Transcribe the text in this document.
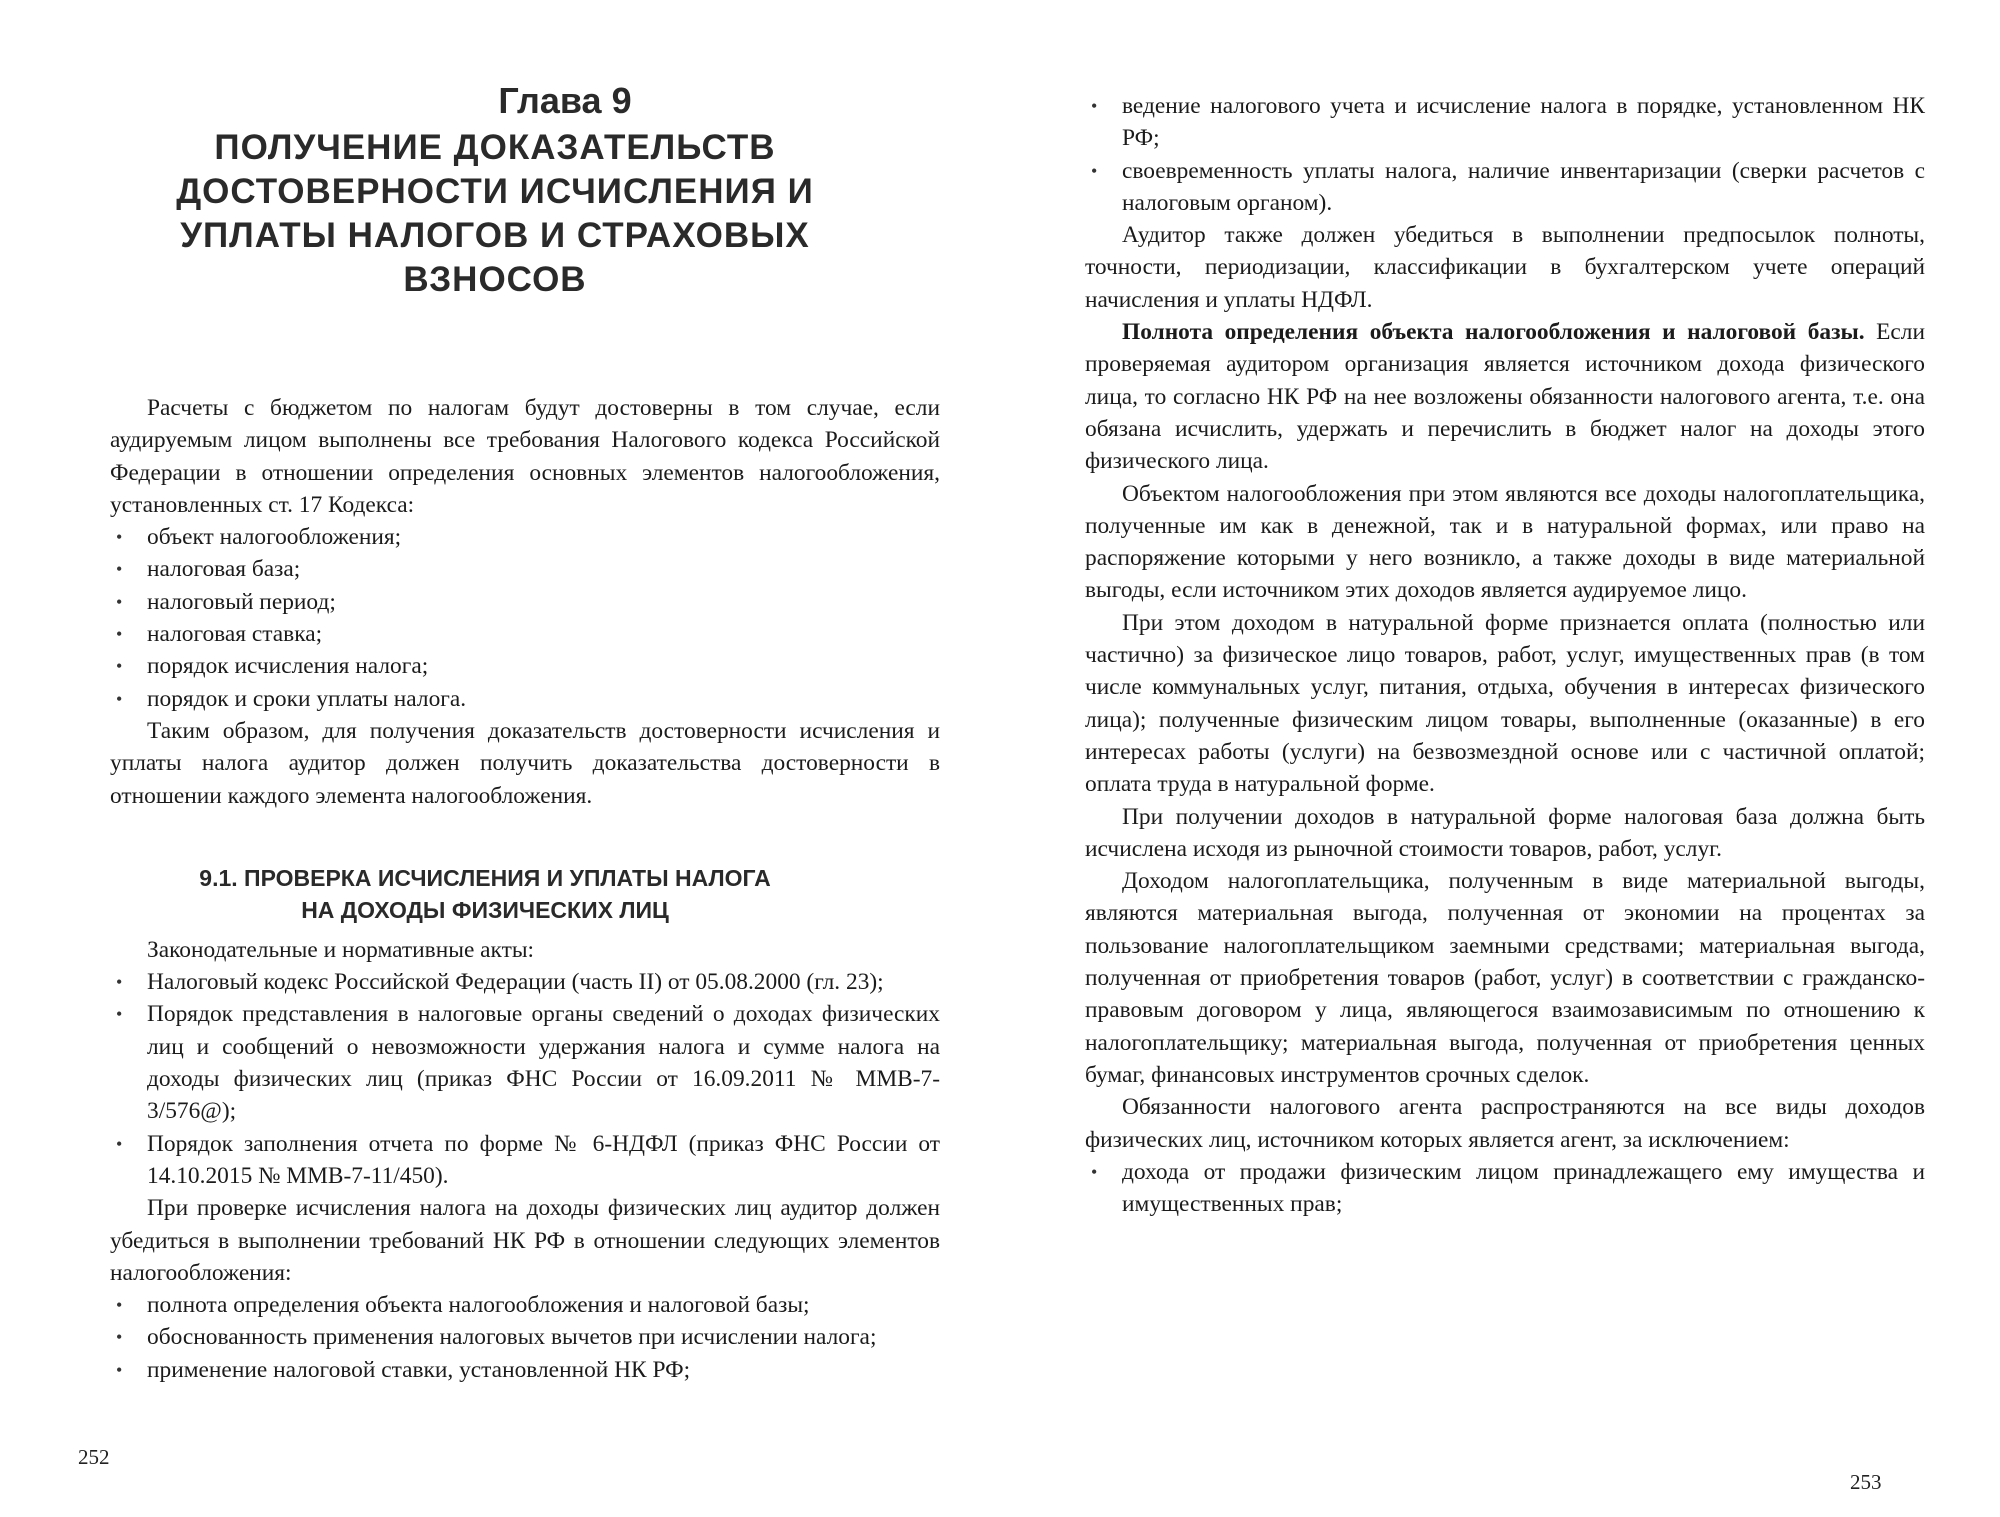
Глава 9
ПОЛУЧЕНИЕ ДОКАЗАТЕЛЬСТВ ДОСТОВЕРНОСТИ ИСЧИСЛЕНИЯ И УПЛАТЫ НАЛОГОВ И СТРАХОВЫХ ВЗНОСОВ

Расчеты с бюджетом по налогам будут достоверны в том случае, если аудируемым лицом выполнены все требования Налогового кодекса Российской Федерации в отношении определения основных элементов налогообложения, установленных ст. 17 Кодекса:

• объект налогообложения;
• налоговая база;
• налоговый период;
• налоговая ставка;
• порядок исчисления налога;
• порядок и сроки уплаты налога.

Таким образом, для получения доказательств достоверности исчисления и уплаты налога аудитор должен получить доказательства достоверности в отношении каждого элемента налогообложения.

9.1. ПРОВЕРКА ИСЧИСЛЕНИЯ И УПЛАТЫ НАЛОГА
НА ДОХОДЫ ФИЗИЧЕСКИХ ЛИЦ

Законодательные и нормативные акты:

• Налоговый кодекс Российской Федерации (часть II) от 05.08.2000 (гл. 23);
• Порядок представления в налоговые органы сведений о доходах физических лиц и сообщений о невозможности удержания налога и сумме налога на доходы физических лиц (приказ ФНС России от 16.09.2011 № ММВ-7-3/576@);
• Порядок заполнения отчета по форме № 6-НДФЛ (приказ ФНС России от 14.10.2015 № ММВ-7-11/450).

При проверке исчисления налога на доходы физических лиц аудитор должен убедиться в выполнении требований НК РФ в отношении следующих элементов налогообложения:

• полнота определения объекта налогообложения и налоговой базы;
• обоснованность применения налоговых вычетов при исчислении налога;
• применение налоговой ставки, установленной НК РФ;
252
• ведение налогового учета и исчисление налога в порядке, установленном НК РФ;
• своевременность уплаты налога, наличие инвентаризации (сверки расчетов с налоговым органом).

Аудитор также должен убедиться в выполнении предпосылок полноты, точности, периодизации, классификации в бухгалтерском учете операций начисления и уплаты НДФЛ.

Полнота определения объекта налогообложения и налоговой базы. Если проверяемая аудитором организация является источником дохода физического лица, то согласно НК РФ на нее возложены обязанности налогового агента, т.е. она обязана исчислить, удержать и перечислить в бюджет налог на доходы этого физического лица.

Объектом налогообложения при этом являются все доходы налогоплательщика, полученные им как в денежной, так и в натуральной формах, или право на распоряжение которыми у него возникло, а также доходы в виде материальной выгоды, если источником этих доходов является аудируемое лицо.

При этом доходом в натуральной форме признается оплата (полностью или частично) за физическое лицо товаров, работ, услуг, имущественных прав (в том числе коммунальных услуг, питания, отдыха, обучения в интересах физического лица); полученные физическим лицом товары, выполненные (оказанные) в его интересах работы (услуги) на безвозмездной основе или с частичной оплатой; оплата труда в натуральной форме.

При получении доходов в натуральной форме налоговая база должна быть исчислена исходя из рыночной стоимости товаров, работ, услуг.

Доходом налогоплательщика, полученным в виде материальной выгоды, являются материальная выгода, полученная от экономии на процентах за пользование налогоплательщиком заемными средствами; материальная выгода, полученная от приобретения товаров (работ, услуг) в соответствии с гражданско-правовым договором у лица, являющегося взаимозависимым по отношению к налогоплательщику; материальная выгода, полученная от приобретения ценных бумаг, финансовых инструментов срочных сделок.

Обязанности налогового агента распространяются на все виды доходов физических лиц, источником которых является агент, за исключением:

• дохода от продажи физическим лицом принадлежащего ему имущества и имущественных прав;
253
